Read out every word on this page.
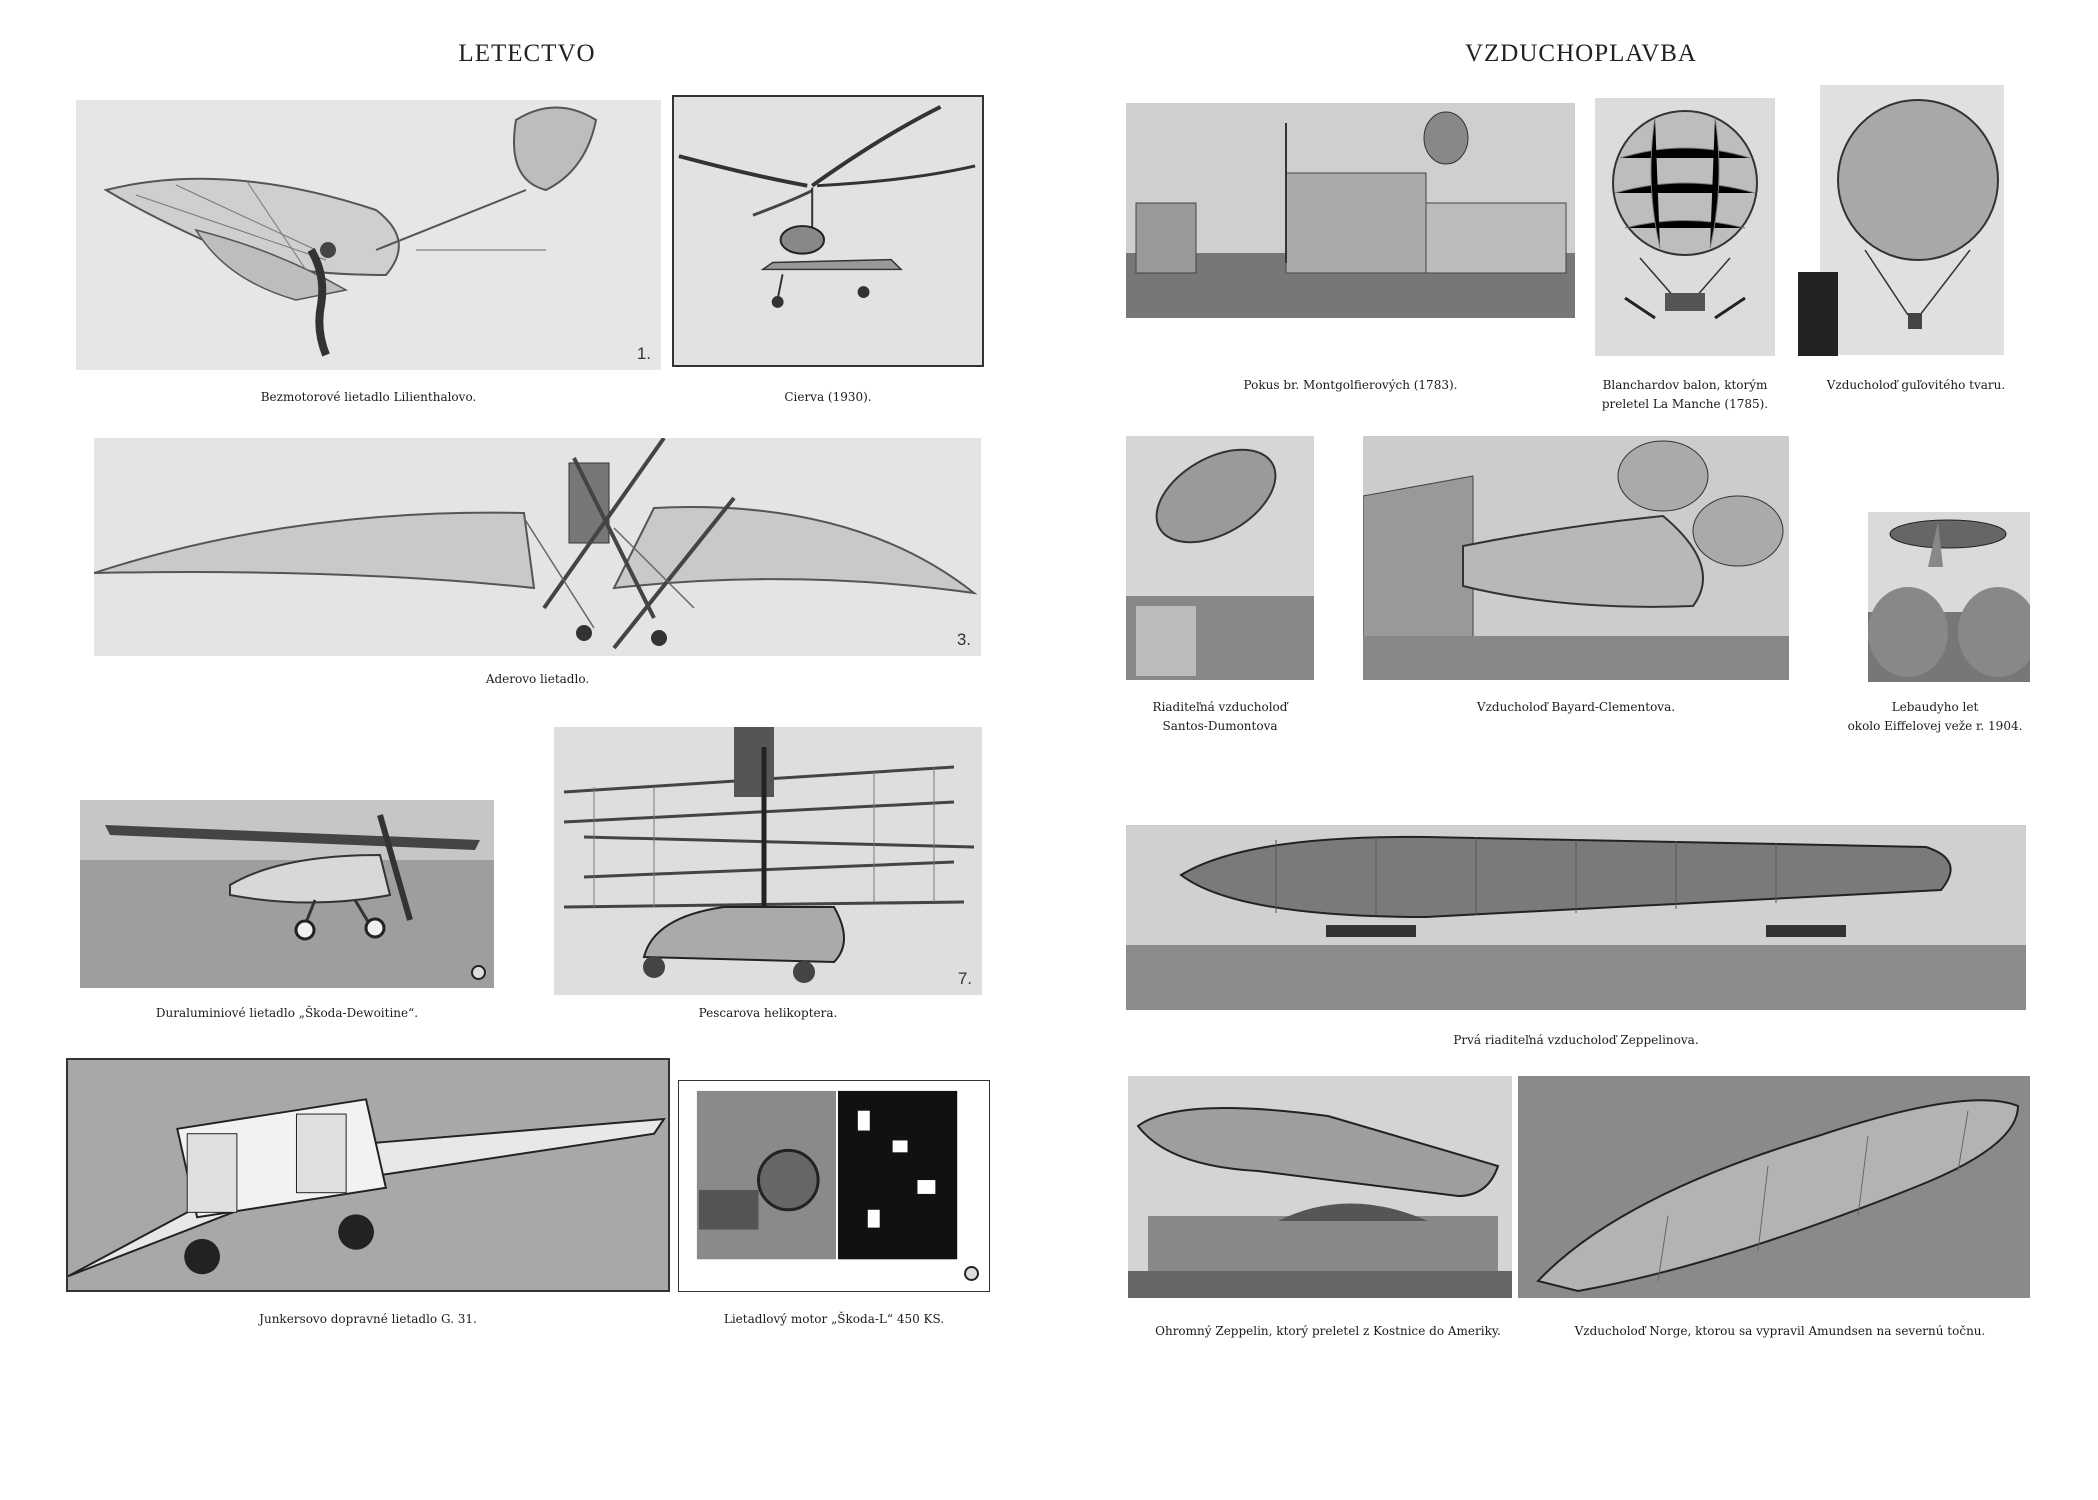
LETECTVO
1.
Bezmotorové lietadlo Lilienthalovo.	Cierva (1930).
3.
Aderovo lietadlo.
Duraluminiové lietadlo „Škoda-Dewoitine“.
7.
Pescarova helikoptera.
Junkersovo dopravné lietadlo G. 31.	Lietadlový motor „Škoda-L“ 450 KS.
VZDUCHOPLAVBA
Pokus br. Montgolfierových (1783).	Blanchardov balon, ktorým
preletel La Manche (1785).
Vzducholoď guľovitého tvaru.
Riaditeľná vzducholoď
Santos-Dumontova
Vzducholoď Bayard-Clementova.	Lebaudyho let
okolo Eiffelovej veže r. 1904.
Prvá riaditeľná vzducholoď Zeppelinova.
Ohromný Zeppelin, ktorý preletel z Kostnice do Ameriky.	Vzducholoď Norge, ktorou sa vypravil Amundsen na severnú točnu.
